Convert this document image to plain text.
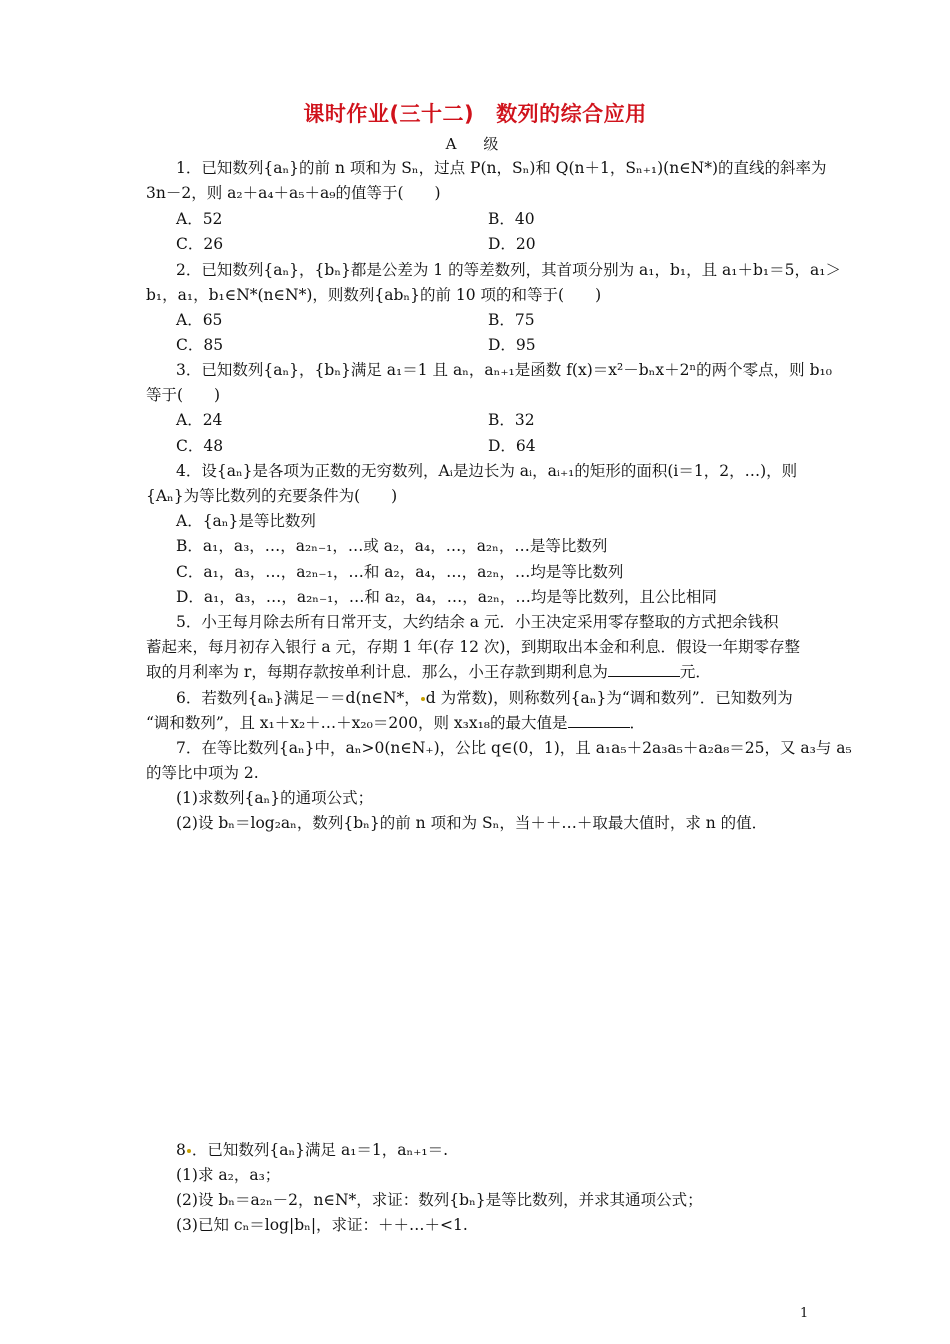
课时作业(三十二) 数列的综合应用
A　级
1．已知数列{aₙ}的前 n 项和为 Sₙ，过点 P(n，Sₙ)和 Q(n＋1，Sₙ₊₁)(n∈N*)的直线的斜率为
3n－2，则 a₂＋a₄＋a₅＋a₉的值等于(　　)
A．52	B．40
C．26	D．20
2．已知数列{aₙ}，{bₙ}都是公差为 1 的等差数列，其首项分别为 a₁，b₁，且 a₁＋b₁＝5，a₁＞
b₁，a₁，b₁∈N*(n∈N*)，则数列{abₙ}的前 10 项的和等于(　　)
A．65	B．75
C．85	D．95
3．已知数列{aₙ}，{bₙ}满足 a₁＝1 且 aₙ，aₙ₊₁是函数 f(x)＝x²－bₙx＋2ⁿ的两个零点，则 b₁₀
等于(　　)
A．24	B．32
C．48	D．64
4．设{aₙ}是各项为正数的无穷数列，Aᵢ是边长为 aᵢ，aᵢ₊₁的矩形的面积(i＝1，2，…)，则
{Aₙ}为等比数列的充要条件为(　　)
A．{aₙ}是等比数列
B．a₁，a₃，…，a₂ₙ₋₁，…或 a₂，a₄，…，a₂ₙ，…是等比数列
C．a₁，a₃，…，a₂ₙ₋₁，…和 a₂，a₄，…，a₂ₙ，…均是等比数列
D．a₁，a₃，…，a₂ₙ₋₁，…和 a₂，a₄，…，a₂ₙ，…均是等比数列，且公比相同
5．小王每月除去所有日常开支，大约结余 a 元．小王决定采用零存整取的方式把余钱积
蓄起来，每月初存入银行 a 元，存期 1 年(存 12 次)，到期取出本金和利息．假设一年期零存整
取的月利率为 r，每期存款按单利计息．那么，小王存款到期利息为	元．
6．若数列{aₙ}满足－＝d(n∈N*， d 为常数)，则称数列{aₙ}为“调和数列”．已知数列为
“调和数列”，且 x₁＋x₂＋…＋x₂₀＝200，则 x₃x₁₈的最大值是	．
7．在等比数列{aₙ}中，aₙ>0(n∈N₊)，公比 q∈(0，1)，且 a₁a₅＋2a₃a₅＋a₂a₈＝25，又 a₃与 a₅
的等比中项为 2.
(1)求数列{aₙ}的通项公式；
(2)设 bₙ＝log₂aₙ，数列{bₙ}的前 n 项和为 Sₙ，当＋＋…＋取最大值时，求 n 的值．
8 ．已知数列{aₙ}满足 a₁＝1，aₙ₊₁＝.
(1)求 a₂，a₃；
(2)设 bₙ＝a₂ₙ－2，n∈N*，求证：数列{bₙ}是等比数列，并求其通项公式；
(3)已知 cₙ＝log|bₙ|，求证：＋＋…＋<1.
1
